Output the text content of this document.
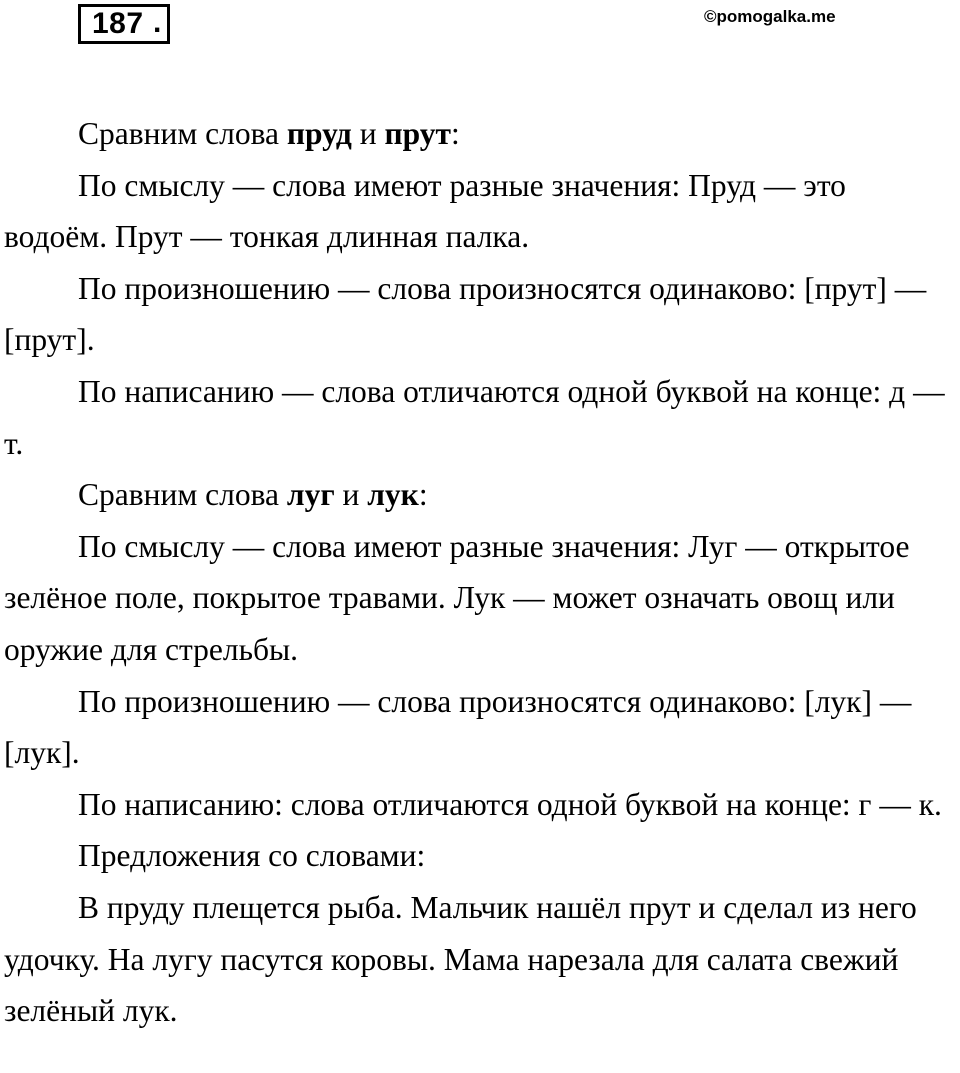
187 .	©pomogalka.me

Сравним слова пруд и прут:

По смыслу — слова имеют разные значения: Пруд — это водоём. Прут — тонкая длинная палка.

По произношению — слова произносятся одинаково: [прут] — [прут].

По написанию — слова отличаются одной буквой на конце: д — т.

Сравним слова луг и лук:

По смыслу — слова имеют разные значения: Луг — открытое зелёное поле, покрытое травами. Лук — может означать овощ или оружие для стрельбы.

По произношению — слова произносятся одинаково: [лук] — [лук].

По написанию: слова отличаются одной буквой на конце: г — к.

Предложения со словами:

В пруду плещется рыба. Мальчик нашёл прут и сделал из него удочку. На лугу пасутся коровы. Мама нарезала для салата свежий зелёный лук.
